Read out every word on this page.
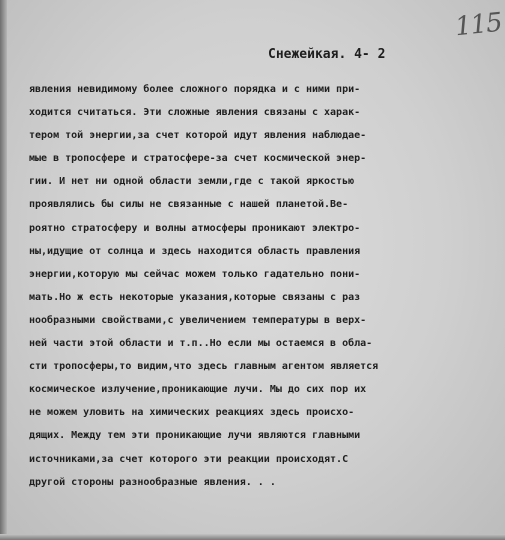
115
Снежейкая. 4- 2
явления невидимому более сложного порядка и с ними при-
ходится считаться. Эти сложные явления связаны с харак-
тером той энергии,за счет которой идут явления наблюдае-
мые в тропосфере и стратосфере-за счет космической энер-
гии. И нет ни одной области земли,где с такой яркостью
проявлялись бы силы не связанные с нашей планетой.Ве-
роятно стратосферу и волны атмосферы проникают электро-
ны,идущие от солнца и здесь находится область правления
энергии,которую мы сейчас можем только гадательно пони-
мать.Но ж есть некоторые указания,которые связаны с раз
нообразными свойствами,с увеличением температуры в верх-
ней части этой области и т.п..Но если мы остаемся в обла-
сти тропосферы,то видим,что здесь главным агентом является
космическое излучение,проникающие лучи. Мы до сих пор их
не можем уловить на химических реакциях здесь происхо-
дящих. Между тем эти проникающие лучи являются главными
источниками,за счет которого эти реакции происходят.С
другой стороны разнообразные явления. . .
